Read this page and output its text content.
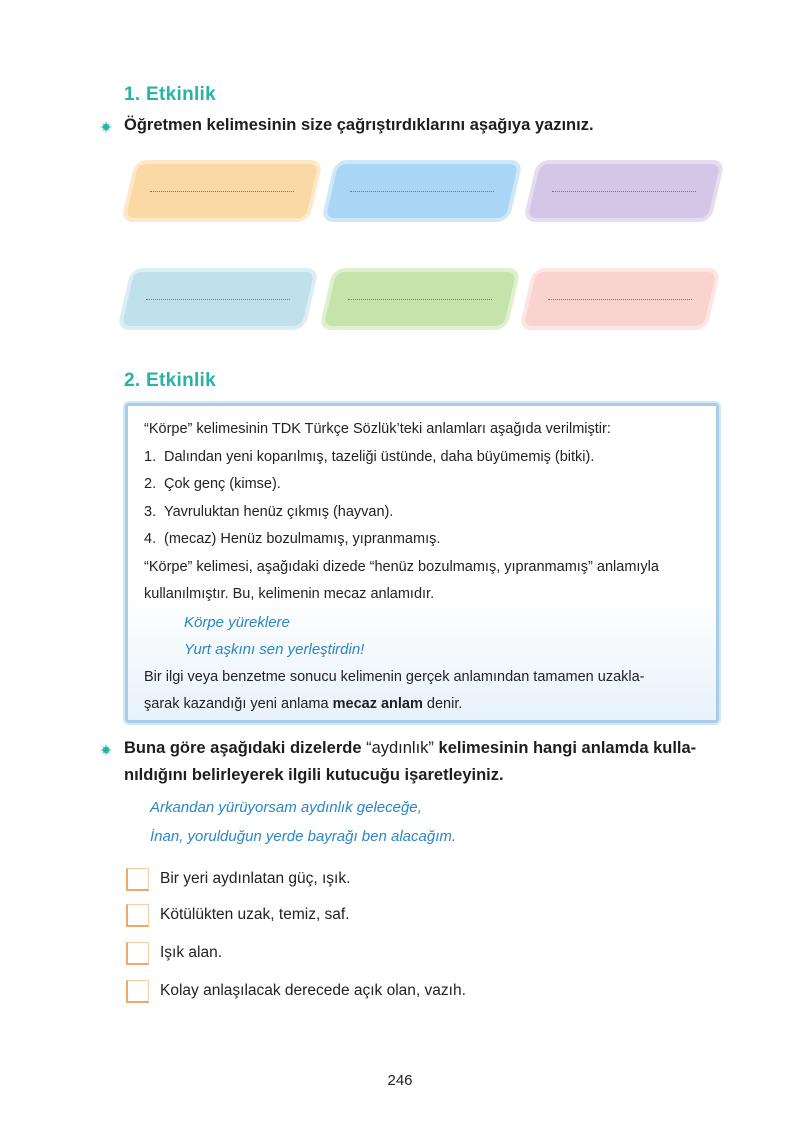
1. Etkinlik
Öğretmen kelimesinin size çağrıştırdıklarını aşağıya yazınız.
2. Etkinlik

“Körpe” kelimesinin TDK Türkçe Sözlük’teki anlamları aşağıda verilmiştir:

1. Dalından yeni koparılmış, tazeliği üstünde, daha büyümemiş (bitki).

2. Çok genç (kimse).

3. Yavruluktan henüz çıkmış (hayvan).

4. (mecaz) Henüz bozulmamış, yıpranmamış.

“Körpe” kelimesi, aşağıdaki dizede “henüz bozulmamış, yıpranmamış” anlamıyla

kullanılmıştır. Bu, kelimenin mecaz anlamıdır.

Körpe yüreklere

Yurt aşkını sen yerleştirdin!

Bir ilgi veya benzetme sonucu kelimenin gerçek anlamından tamamen uzakla-

şarak kazandığı yeni anlama mecaz anlam denir.

Buna göre aşağıdaki dizelerde “aydınlık” kelimesinin hangi anlamda kulla-
nıldığını belirleyerek ilgili kutucuğu işaretleyiniz.
Arkandan yürüyorsam aydınlık geleceğe,
İnan, yorulduğun yerde bayrağı ben alacağım.
Bir yeri aydınlatan güç, ışık.
Kötülükten uzak, temiz, saf.
Işık alan.
Kolay anlaşılacak derecede açık olan, vazıh.
246
